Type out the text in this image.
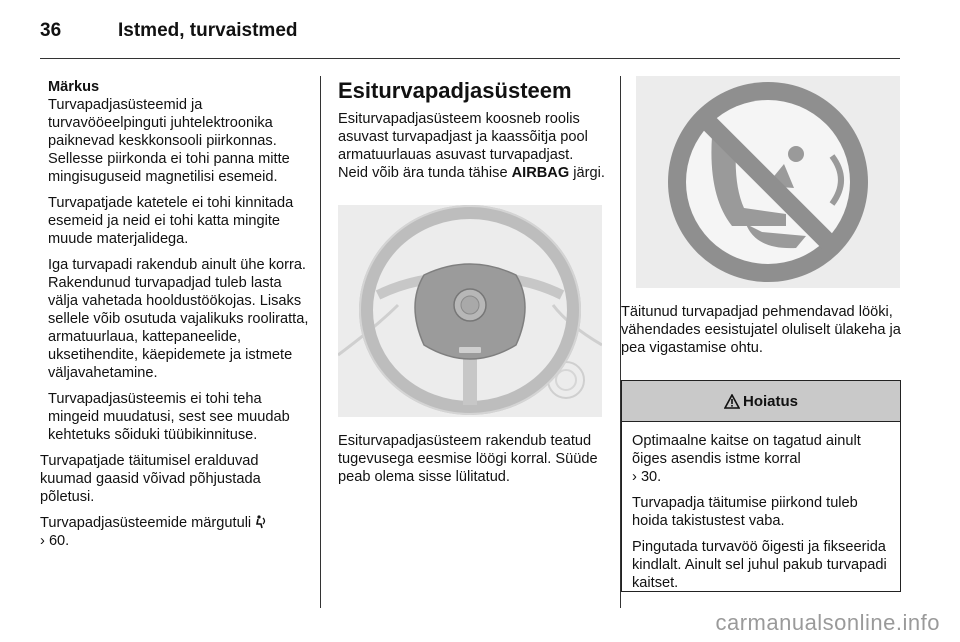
36	Istmed, turvaistmed
Märkus

Turvapadjasüsteemid ja turvavööeelpinguti juhtelektroonika paiknevad keskkonsooli piirkonnas. Sellesse piirkonda ei tohi panna mitte mingisuguseid magnetilisi esemeid.

Turvapatjade katetele ei tohi kinnitada esemeid ja neid ei tohi katta mingite muude materjalidega.

Iga turvapadi rakendub ainult ühe korra. Rakendunud turvapadjad tuleb lasta välja vahetada hooldustöökojas. Lisaks sellele võib osutuda vajalikuks rooliratta, armatuurlaua, kattepaneelide, uksetihendite, käepidemete ja istmete väljavahetamine.

Turvapadjasüsteemis ei tohi teha mingeid muudatusi, sest see muudab kehtetuks sõiduki tüübikinnituse.

Turvapatjade täitumisel eralduvad kuumad gaasid võivad põhjustada põletusi.

Turvapadjasüsteemide märgutuli
› 60.

Esiturvapadjasüsteem

Esiturvapadjasüsteem koosneb roolis asuvast turvapadjast ja kaassõitja pool armatuurlauas asuvast turvapadjast. Neid võib ära tunda tähise AIRBAG järgi.

Esiturvapadjasüsteem rakendub teatud tugevusega eesmise löögi korral. Süüde peab olema sisse lülitatud.

Täitunud turvapadjad pehmendavad lööki, vähendades eesistujatel oluliselt ülakeha ja pea vigastamise ohtu.

Hoiatus

Optimaalne kaitse on tagatud ainult õiges asendis istme korral
› 30.

Turvapadja täitumise piirkond tuleb hoida takistustest vaba.

Pingutada turvavöö õigesti ja fikseerida kindlalt. Ainult sel juhul pakub turvapadi kaitset.

carmanualsonline.info
